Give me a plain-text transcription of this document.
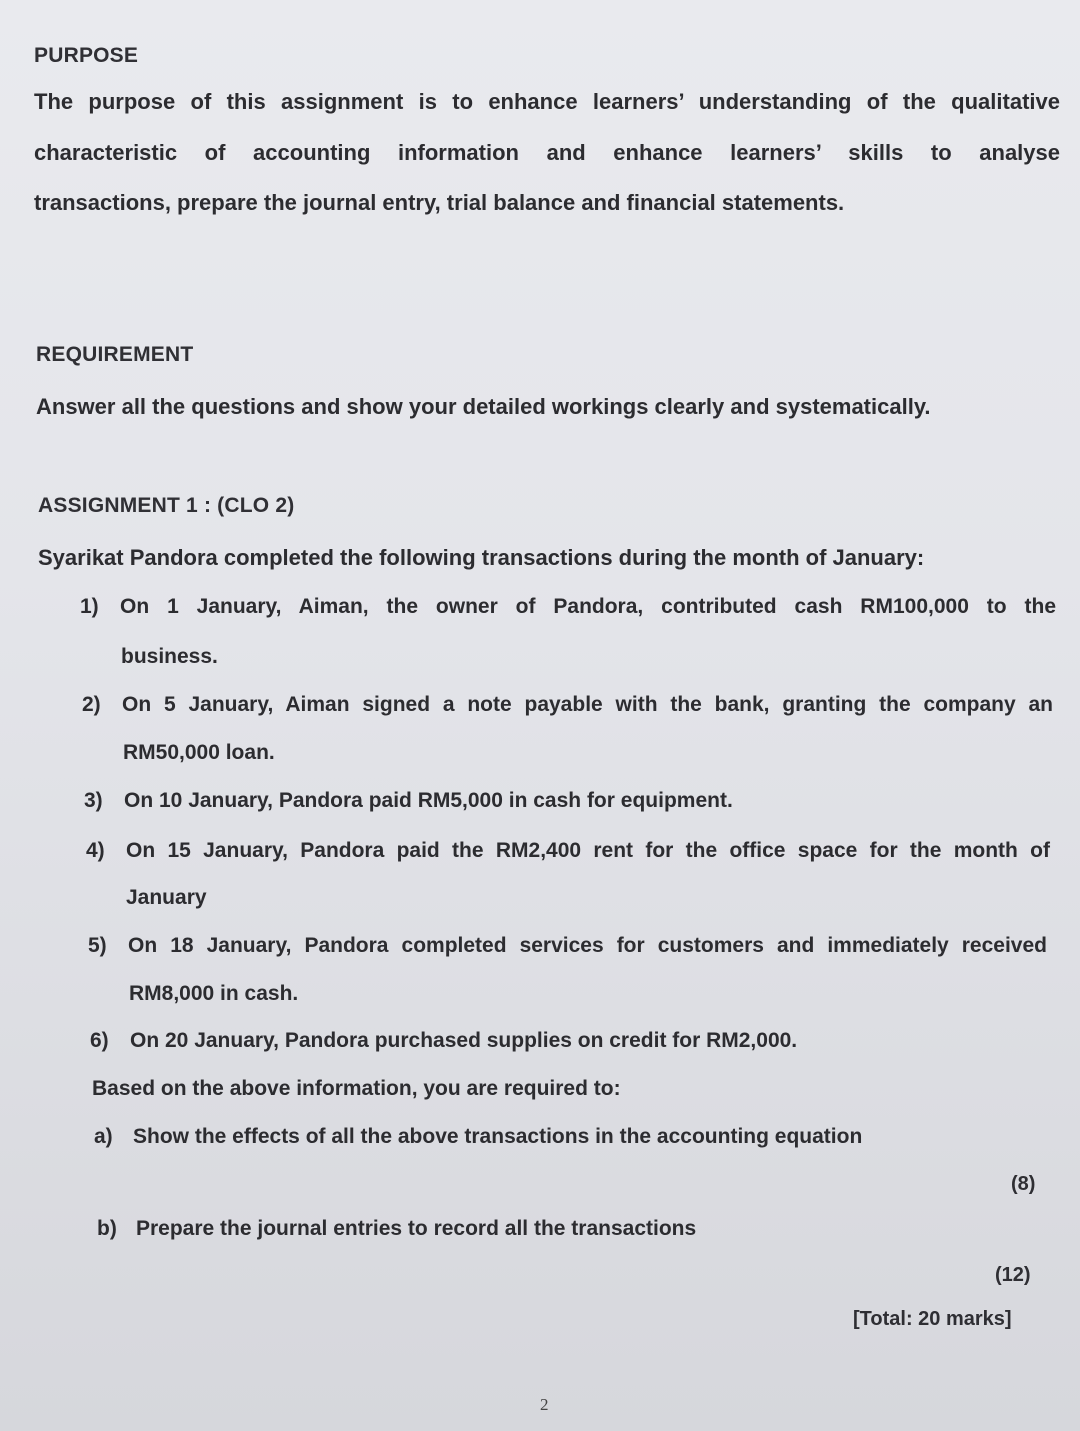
PURPOSE
The purpose of this assignment is to enhance learners’ understanding of the qualitative
characteristic of accounting information and enhance learners’ skills to analyse
transactions, prepare the journal entry, trial balance and financial statements.
REQUIREMENT
Answer all the questions and show your detailed workings clearly and systematically.
ASSIGNMENT 1 : (CLO 2)
Syarikat Pandora completed the following transactions during the month of January:
1) On 1 January, Aiman, the owner of Pandora, contributed cash RM100,000 to the
business.
2) On 5 January, Aiman signed a note payable with the bank, granting the company an
RM50,000 loan.
3) On 10 January, Pandora paid RM5,000 in cash for equipment.
4) On 15 January, Pandora paid the RM2,400 rent for the office space for the month of
January
5) On 18 January, Pandora completed services for customers and immediately received
RM8,000 in cash.
6) On 20 January, Pandora purchased supplies on credit for RM2,000.
Based on the above information, you are required to:
a) Show the effects of all the above transactions in the accounting equation
(8)
b) Prepare the journal entries to record all the transactions
(12)
[Total: 20 marks]
2
